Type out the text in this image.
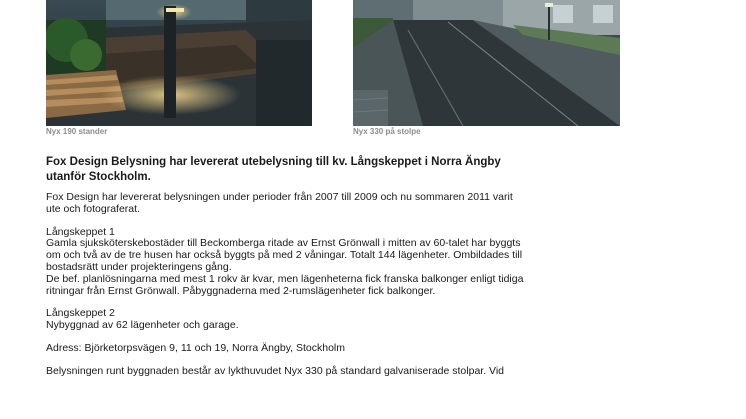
Nyx 190 stander	Nyx 330 på stolpe

Fox Design Belysning har levererat utebelysning till kv. Långskeppet i Norra Ängby
utanför Stockholm.

Fox Design har levererat belysningen under perioder från 2007 till 2009 och nu sommaren 2011 varit
ute och fotograferat.

Långskeppet 1
Gamla sjuksköterskebostäder till Beckomberga ritade av Ernst Grönwall i mitten av 60-talet har byggts
om och två av de tre husen har också byggts på med 2 våningar. Totalt 144 lägenheter. Ombildades till
bostadsrätt under projekteringens gång.
De bef. planlösningarna med mest 1 rokv är kvar, men lägenheterna fick franska balkonger enligt tidiga
ritningar från Ernst Grönwall. Påbyggnaderna med 2-rumslägenheter fick balkonger.

Långskeppet 2
Nybyggnad av 62 lägenheter och garage.

Adress: Björketorpsvägen 9, 11 och 19, Norra Ängby, Stockholm

Belysningen runt byggnaden består av lykthuvudet Nyx 330 på standard galvaniserade stolpar. Vid
